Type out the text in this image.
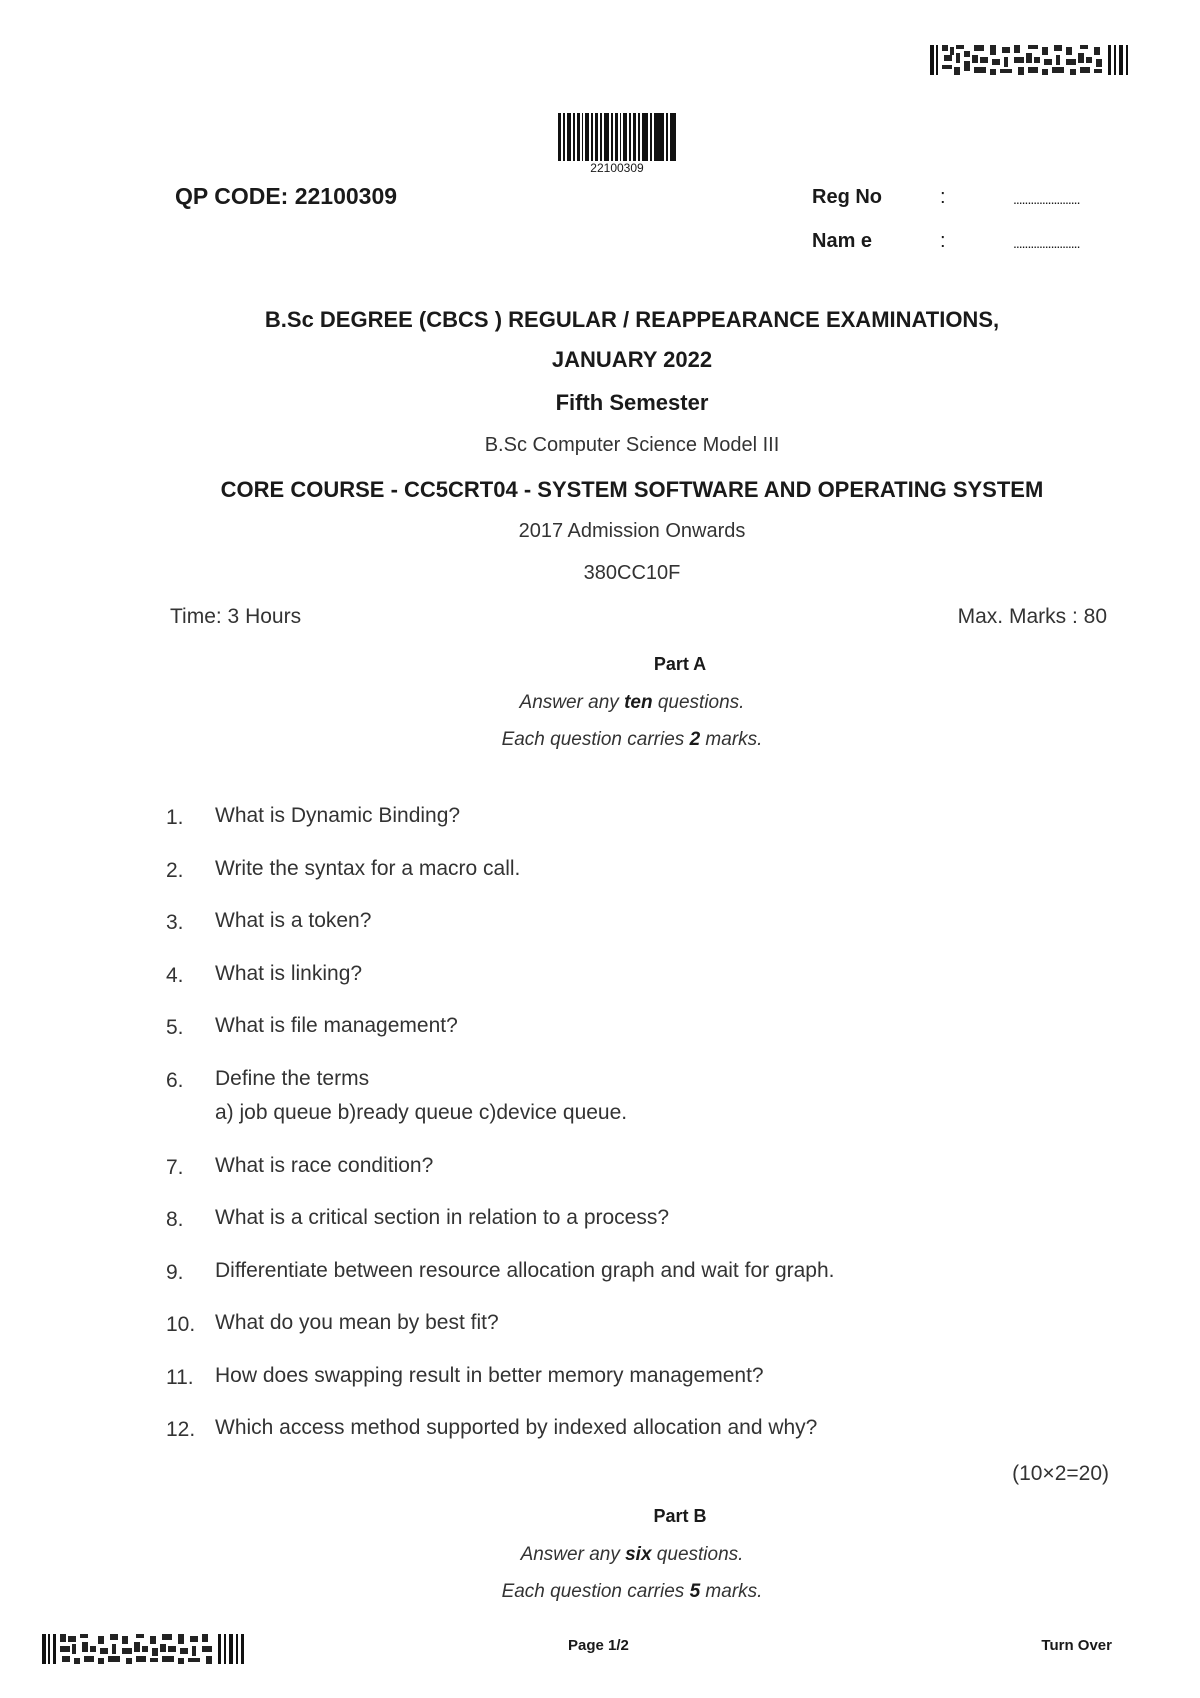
22100309
QP CODE: 22100309	Reg No	:	.......................
Nam e	:	.......................
B.Sc DEGREE (CBCS ) REGULAR / REAPPEARANCE EXAMINATIONS,
JANUARY 2022
Fifth Semester
B.Sc Computer Science Model III
CORE COURSE - CC5CRT04 - SYSTEM SOFTWARE AND OPERATING SYSTEM
2017 Admission Onwards
380CC10F
Time: 3 Hours	Max. Marks : 80
Part A
Answer any ten questions.
Each question carries 2 marks.
1.	What is Dynamic Binding?
2.	Write the syntax for a macro call.
3.	What is a token?
4.	What is linking?
5.	What is file management?
6.	Define the terms
a) job queue b)ready queue c)device queue.
7.	What is race condition?
8.	What is a critical section in relation to a process?
9.	Differentiate between resource allocation graph and wait for graph.
10. What do you mean by best fit?
11.	How does swapping result in better memory management?
12. Which access method supported by indexed allocation and why?
(10×2=20)
Part B
Answer any six questions.
Each question carries 5 marks.
Page 1/2	Turn Over
